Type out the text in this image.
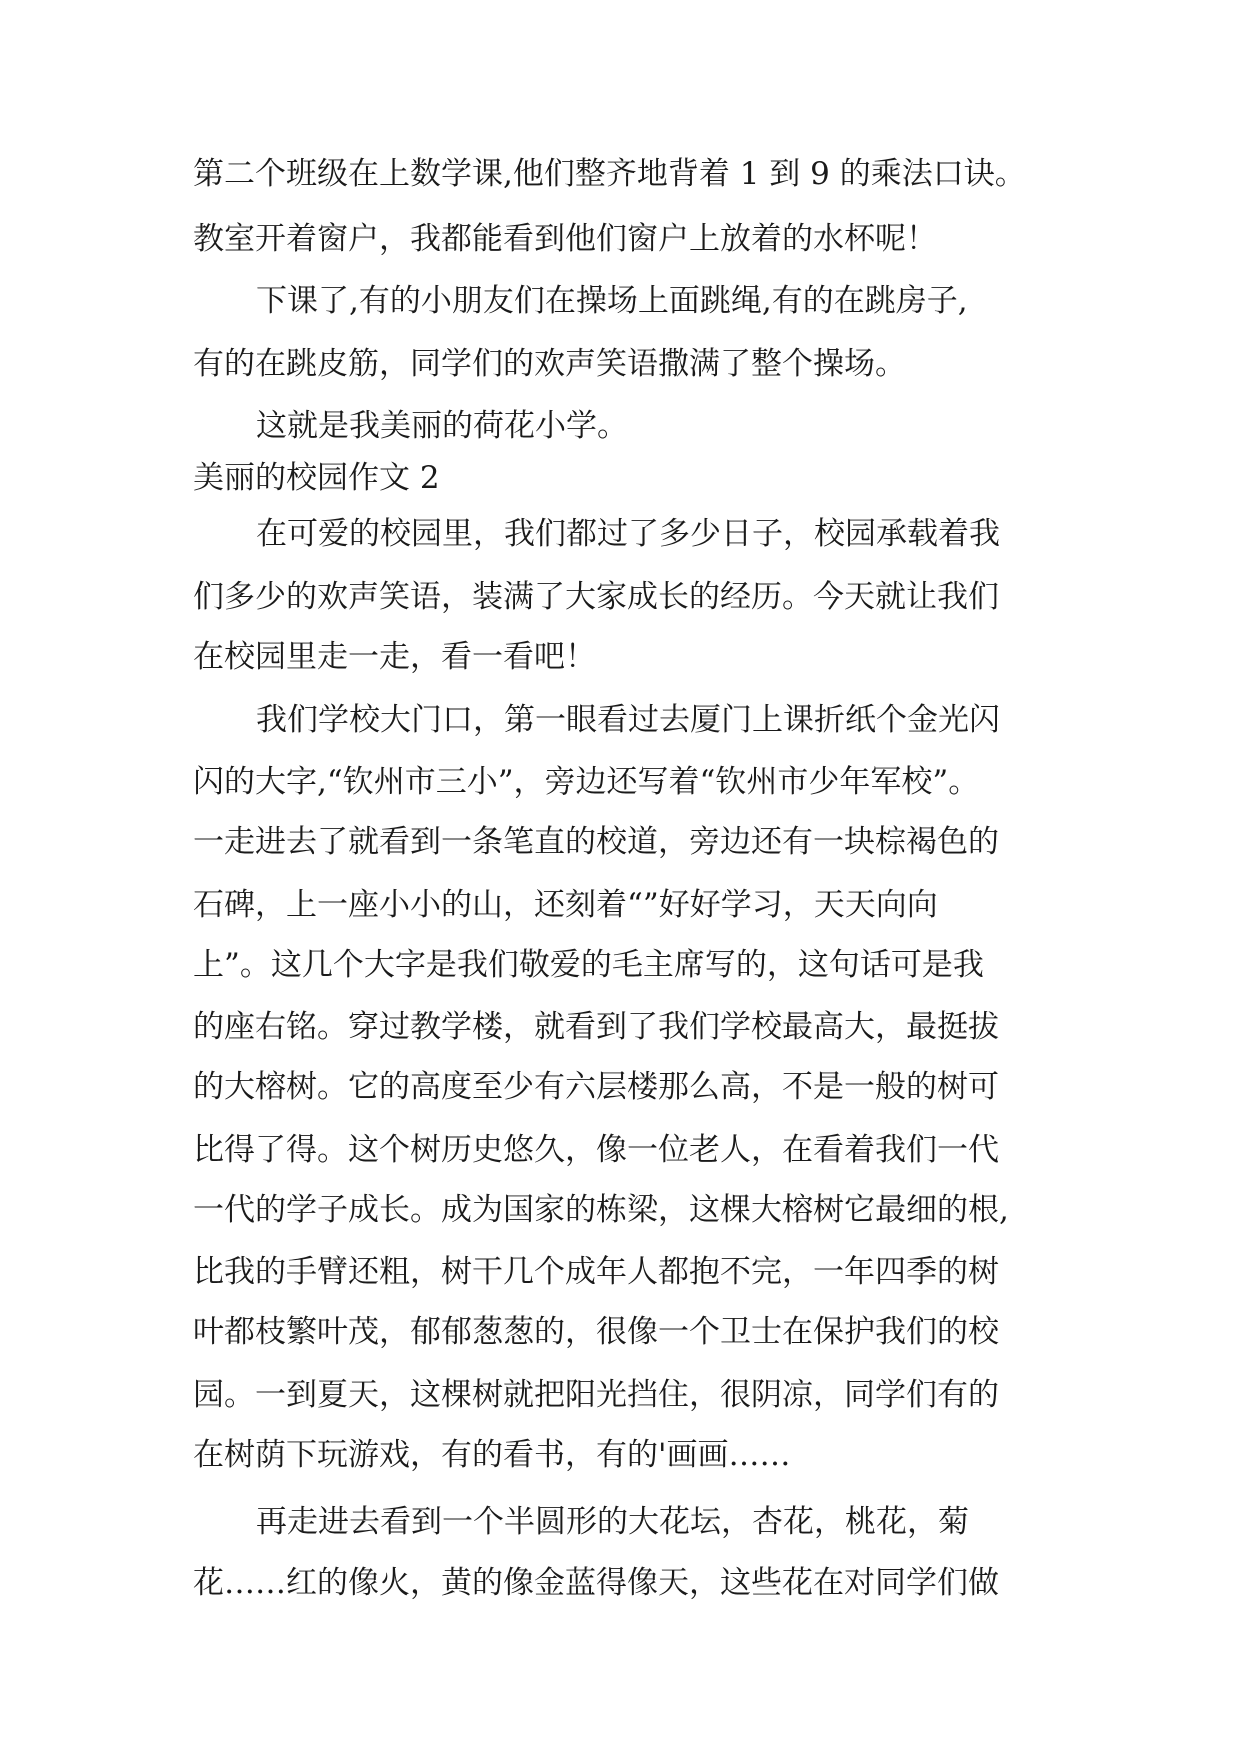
第二个班级在上数学课,他们整齐地背着 1 到 9 的乘法口诀。
教室开着窗户，我都能看到他们窗户上放着的水杯呢！
下课了,有的小朋友们在操场上面跳绳,有的在跳房子,
有的在跳皮筋，同学们的欢声笑语撒满了整个操场。
这就是我美丽的荷花小学。
美丽的校园作文 2
在可爱的校园里，我们都过了多少日子，校园承载着我
们多少的欢声笑语，装满了大家成长的经历。今天就让我们
在校园里走一走，看一看吧！
我们学校大门口，第一眼看过去厦门上课折纸个金光闪
闪的大字,“钦州市三小”，旁边还写着“钦州市少年军校”。
一走进去了就看到一条笔直的校道，旁边还有一块棕褐色的
石碑，上一座小小的山，还刻着“”好好学习，天天向向
上”。这几个大字是我们敬爱的毛主席写的，这句话可是我
的座右铭。穿过教学楼，就看到了我们学校最高大，最挺拔
的大榕树。它的高度至少有六层楼那么高，不是一般的树可
比得了得。这个树历史悠久，像一位老人，在看着我们一代
一代的学子成长。成为国家的栋梁，这棵大榕树它最细的根,
比我的手臂还粗，树干几个成年人都抱不完，一年四季的树
叶都枝繁叶茂，郁郁葱葱的，很像一个卫士在保护我们的校
园。一到夏天，这棵树就把阳光挡住，很阴凉，同学们有的
在树荫下玩游戏，有的看书，有的'画画……
再走进去看到一个半圆形的大花坛，杏花，桃花，菊
花……红的像火，黄的像金蓝得像天，这些花在对同学们做
